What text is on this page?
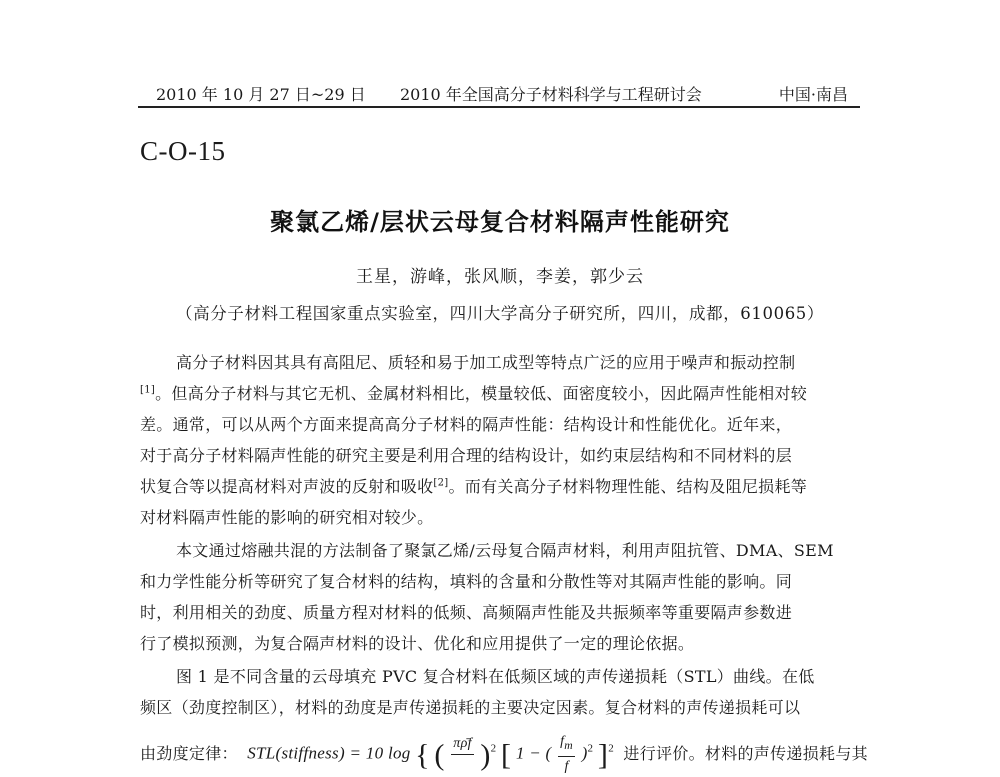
2010 年 10 月 27 日~29 日 2010 年全国高分子材料科学与工程研讨会	中国·南昌
C-O-15
聚氯乙烯/层状云母复合材料隔声性能研究
王星，游峰，张风顺，李姜，郭少云
（高分子材料工程国家重点实验室，四川大学高分子研究所，四川，成都，610065）
高分子材料因其具有高阻尼、质轻和易于加工成型等特点广泛的应用于噪声和振动控制
[1]。但高分子材料与其它无机、金属材料相比，模量较低、面密度较小，因此隔声性能相对较
差。通常，可以从两个方面来提高高分子材料的隔声性能：结构设计和性能优化。近年来，
对于高分子材料隔声性能的研究主要是利用合理的结构设计，如约束层结构和不同材料的层
状复合等以提高材料对声波的反射和吸收[2]。而有关高分子材料物理性能、结构及阻尼损耗等
对材料隔声性能的影响的研究相对较少。
本文通过熔融共混的方法制备了聚氯乙烯/云母复合隔声材料，利用声阻抗管、DMA、SEM
和力学性能分析等研究了复合材料的结构，填料的含量和分散性等对其隔声性能的影响。同
时，利用相关的劲度、质量方程对材料的低频、高频隔声性能及共振频率等重要隔声参数进
行了模拟预测，为复合隔声材料的设计、优化和应用提供了一定的理论依据。
图 1 是不同含量的云母填充 PVC 复合材料在低频区域的声传递损耗（STL）曲线。在低
频区（劲度控制区），材料的劲度是声传递损耗的主要决定因素。复合材料的声传递损耗可以
由劲度定律： STL(stiffness) = 10 log { ( πρ̄f
)$^2$ [ 1 − ( $\frac{f_m}{f} )^2$ ]$^2$ 进行评价。材料的声传递损耗与其
